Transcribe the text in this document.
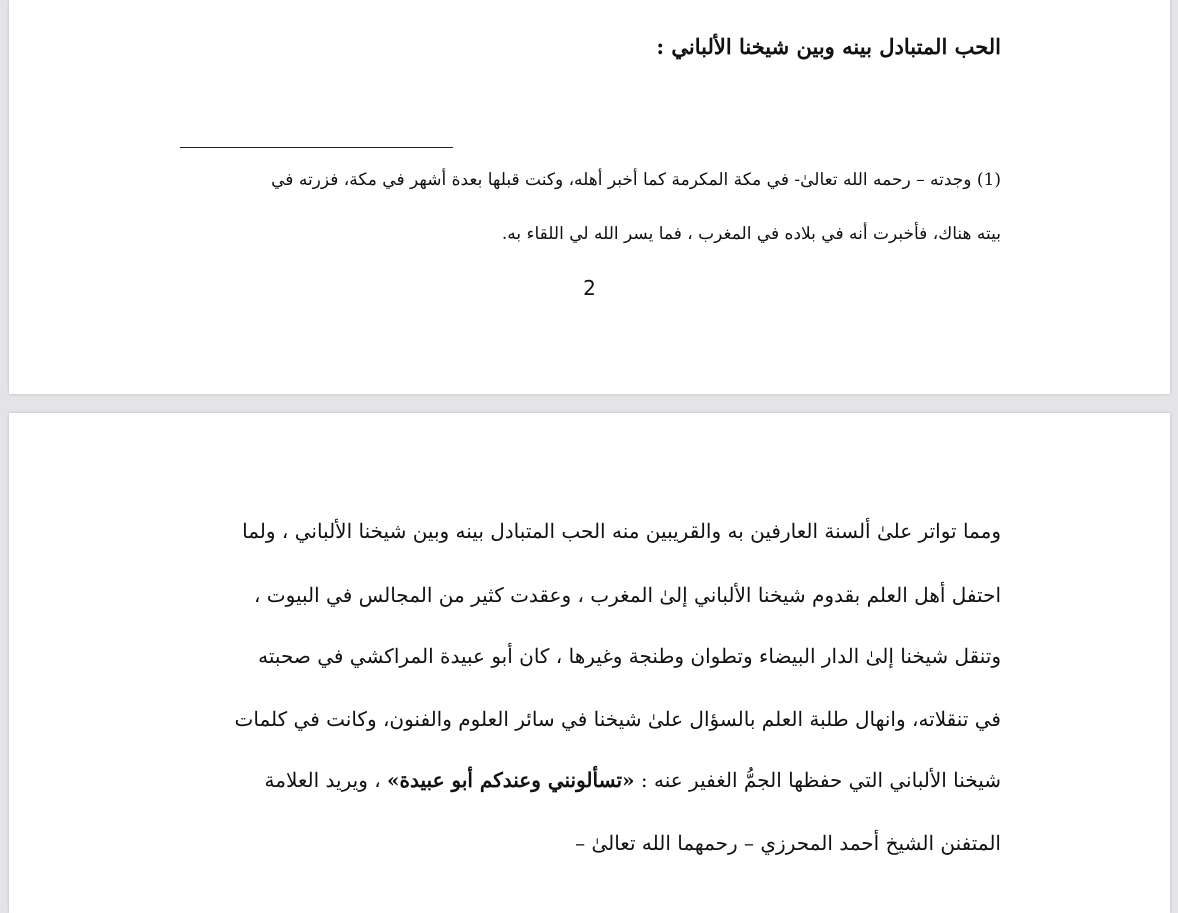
الحب المتبادل بينه وبين شيخنا الألباني :
(1) وجدته – رحمه الله تعالىٰ- في مكة المكرمة كما أخبر أهله، وكنت قبلها بعدة أشهر في مكة، فزرته في
بيته هناك، فأخبرت أنه في بلاده في المغرب ، فما يسر الله لي اللقاء به.
2
ومما تواتر علىٰ ألسنة العارفين به والقريبين منه الحب المتبادل بينه وبين شيخنا الألباني ، ولما
احتفل أهل العلم بقدوم شيخنا الألباني إلىٰ المغرب ، وعقدت كثير من المجالس في البيوت ،
وتنقل شيخنا إلىٰ الدار البيضاء وتطوان وطنجة وغيرها ، كان أبو عبيدة المراكشي في صحبته
في تنقلاته، وانهال طلبة العلم بالسؤال علىٰ شيخنا في سائر العلوم والفنون، وكانت في كلمات
شيخنا الألباني التي حفظها الجمُّ الغفير عنه : «تسألونني وعندكم أبو عبيدة» ، ويريد العلامة
المتفنن الشيخ أحمد المحرزي – رحمهما الله تعالىٰ –
